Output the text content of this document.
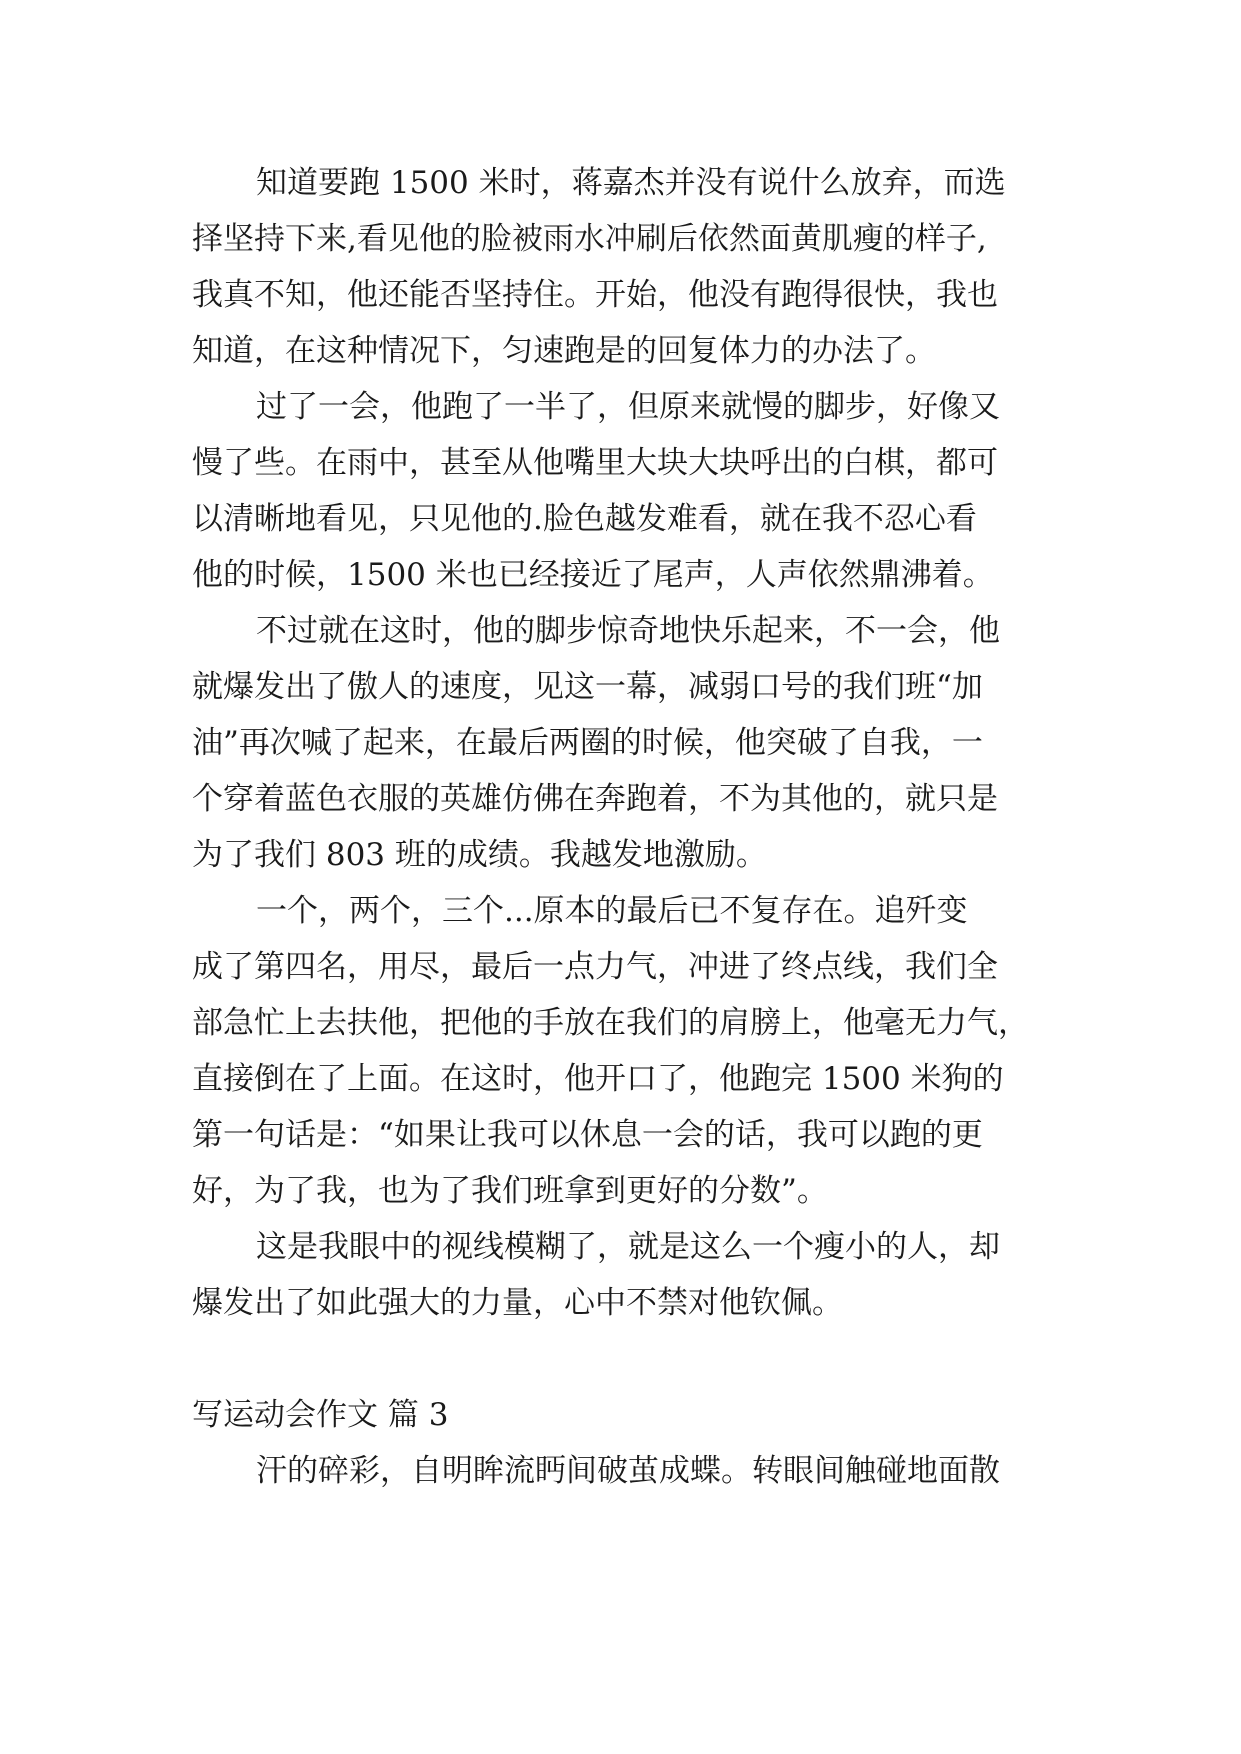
知道要跑 1500 米时，蒋嘉杰并没有说什么放弃，而选
择坚持下来,看见他的脸被雨水冲刷后依然面黄肌瘦的样子,
我真不知，他还能否坚持住。开始，他没有跑得很快，我也
知道，在这种情况下，匀速跑是的回复体力的办法了。
过了一会，他跑了一半了，但原来就慢的脚步，好像又
慢了些。在雨中，甚至从他嘴里大块大块呼出的白棋，都可
以清晰地看见，只见他的.脸色越发难看，就在我不忍心看
他的时候，1500 米也已经接近了尾声，人声依然鼎沸着。
不过就在这时，他的脚步惊奇地快乐起来，不一会，他
就爆发出了傲人的速度，见这一幕，减弱口号的我们班“加
油”再次喊了起来，在最后两圈的时候，他突破了自我，一
个穿着蓝色衣服的英雄仿佛在奔跑着，不为其他的，就只是
为了我们 803 班的成绩。我越发地激励。
一个，两个，三个...原本的最后已不复存在。追歼变
成了第四名，用尽，最后一点力气，冲进了终点线，我们全
部急忙上去扶他，把他的手放在我们的肩膀上，他毫无力气，
直接倒在了上面。在这时，他开口了，他跑完 1500 米狗的
第一句话是：“如果让我可以休息一会的话，我可以跑的更
好，为了我，也为了我们班拿到更好的分数”。
这是我眼中的视线模糊了，就是这么一个瘦小的人，却
爆发出了如此强大的力量，心中不禁对他钦佩。
写运动会作文 篇 3
汗的碎彩，自明眸流眄间破茧成蝶。转眼间触碰地面散
